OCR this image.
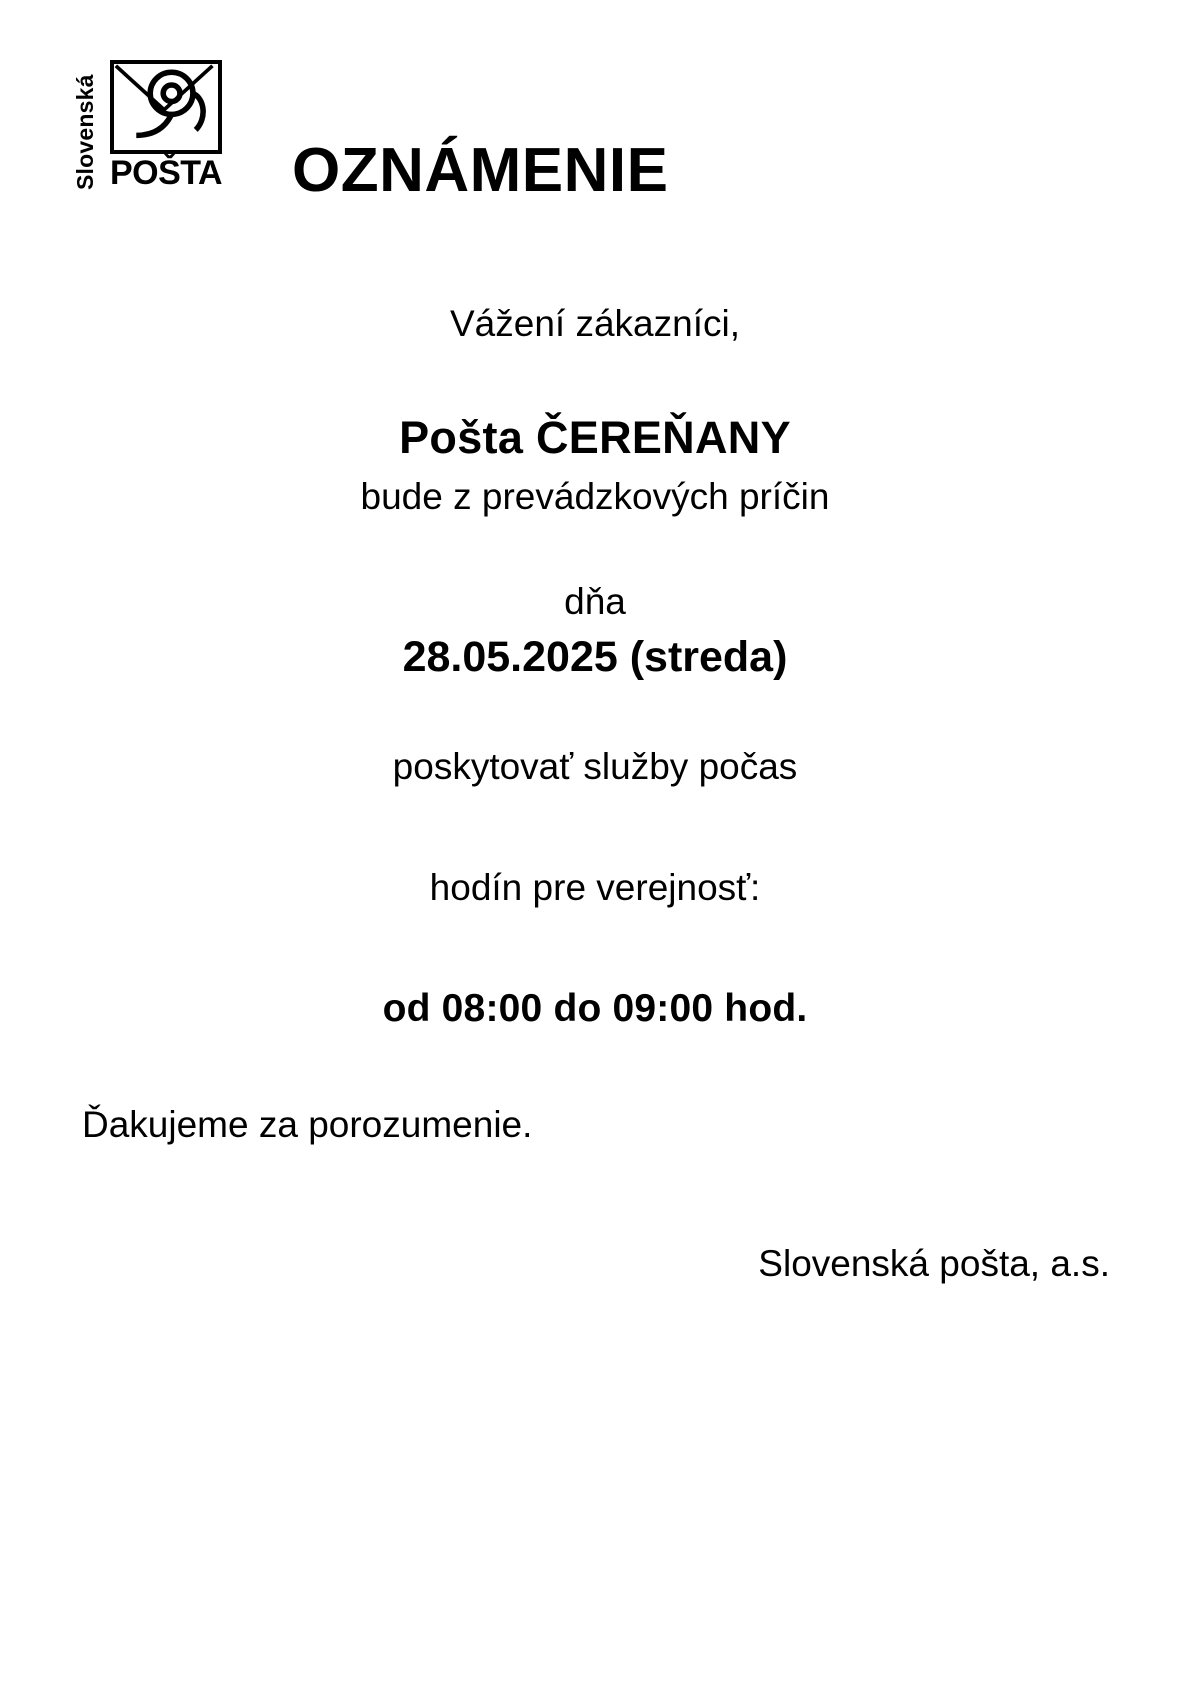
Slovenská POŠTA OZNÁMENIE
Vážení zákazníci,
Pošta ČEREŇANY
bude z prevádzkových príčin
dňa
28.05.2025 (streda)
poskytovať služby počas
hodín pre verejnosť:
od 08:00 do 09:00 hod.
Ďakujeme za porozumenie.
Slovenská pošta, a.s.
